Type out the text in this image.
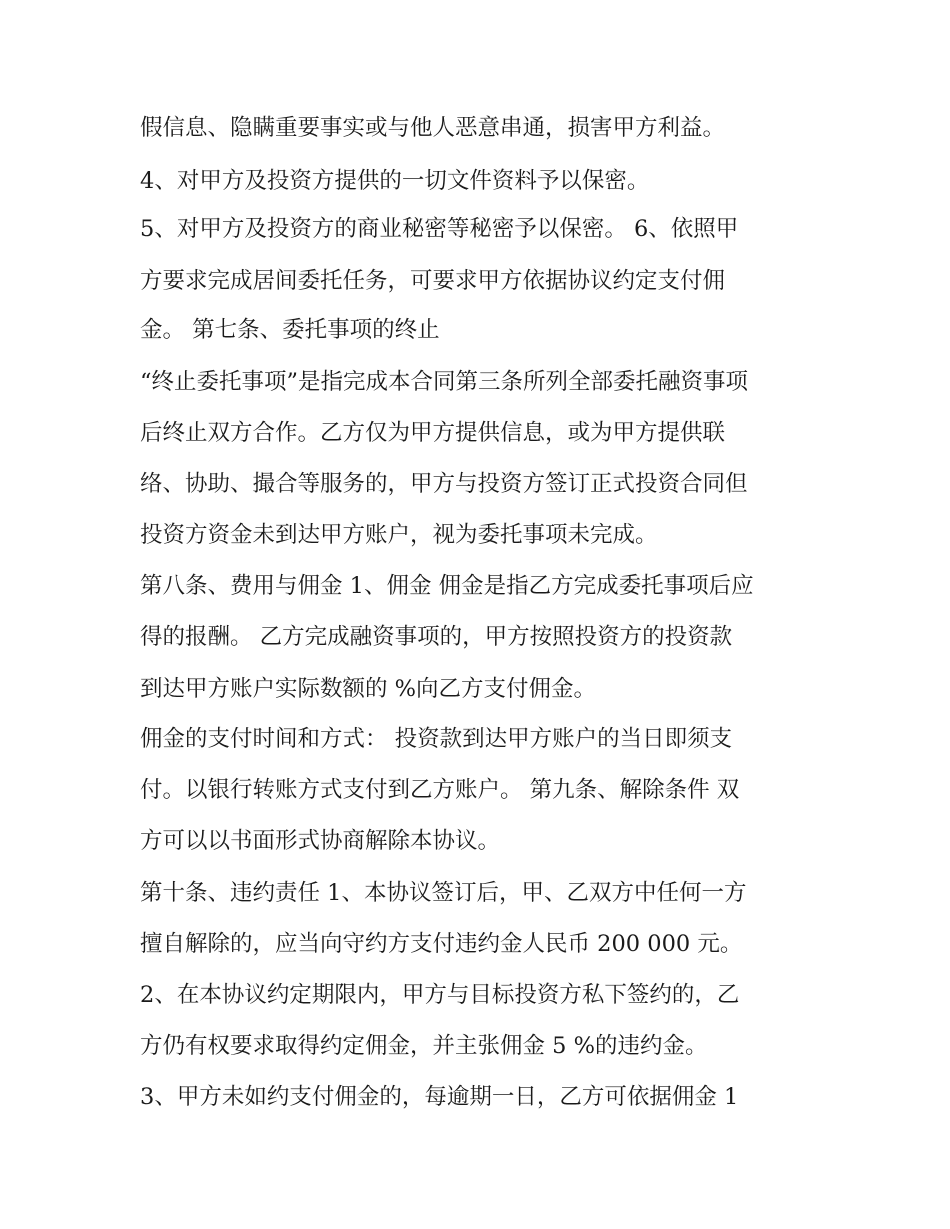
假信息、隐瞒重要事实或与他人恶意串通，损害甲方利益。
4、对甲方及投资方提供的一切文件资料予以保密。
5、对甲方及投资方的商业秘密等秘密予以保密。 6、依照甲
方要求完成居间委托任务，可要求甲方依据协议约定支付佣
金。 第七条、委托事项的终止
“终止委托事项”是指完成本合同第三条所列全部委托融资事项
后终止双方合作。乙方仅为甲方提供信息，或为甲方提供联
络、协助、撮合等服务的，甲方与投资方签订正式投资合同但
投资方资金未到达甲方账户，视为委托事项未完成。
第八条、费用与佣金 1、佣金 佣金是指乙方完成委托事项后应
得的报酬。 乙方完成融资事项的，甲方按照投资方的投资款
到达甲方账户实际数额的 %向乙方支付佣金。
佣金的支付时间和方式： 投资款到达甲方账户的当日即须支
付。以银行转账方式支付到乙方账户。 第九条、解除条件 双
方可以以书面形式协商解除本协议。
第十条、违约责任 1、本协议签订后，甲、乙双方中任何一方
擅自解除的，应当向守约方支付违约金人民币 200 000 元。
2、在本协议约定期限内，甲方与目标投资方私下签约的，乙
方仍有权要求取得约定佣金，并主张佣金 5 %的违约金。
3、甲方未如约支付佣金的，每逾期一日，乙方可依据佣金 1
